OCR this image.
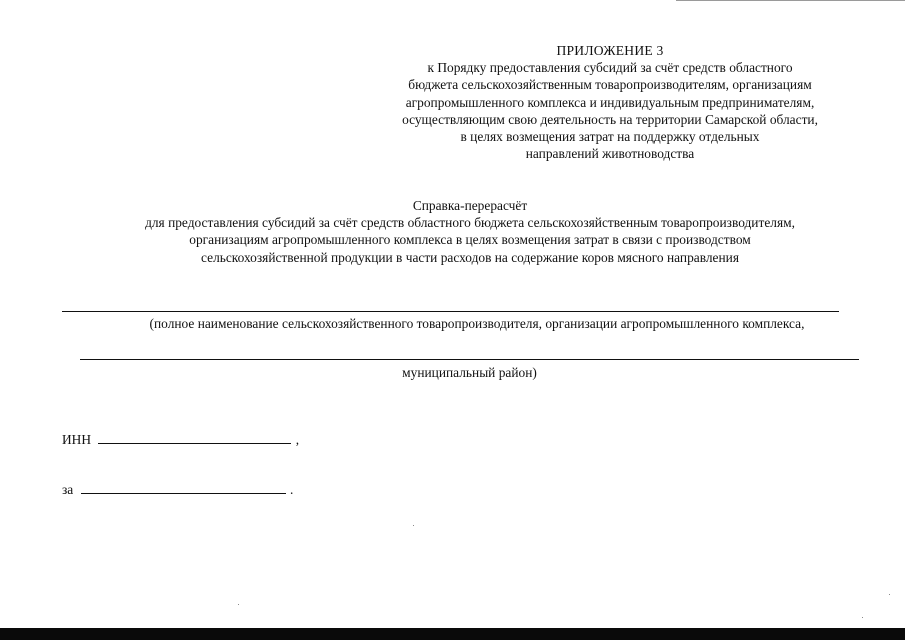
ПРИЛОЖЕНИЕ 3
к Порядку предоставления субсидий за счёт средств областного
бюджета сельскохозяйственным товаропроизводителям, организациям
агропромышленного комплекса и индивидуальным предпринимателям,
осуществляющим свою деятельность на территории Самарской области,
в целях возмещения затрат на поддержку отдельных
направлений животноводства
Справка-перерасчёт
для предоставления субсидий за счёт средств областного бюджета сельскохозяйственным товаропроизводителям,
организациям агропромышленного комплекса в целях возмещения затрат в связи с производством
сельскохозяйственной продукции в части расходов на содержание коров мясного направления
(полное наименование сельскохозяйственного товаропроизводителя, организации агропромышленного комплекса,
муниципальный район)
ИНН	,
за	.
